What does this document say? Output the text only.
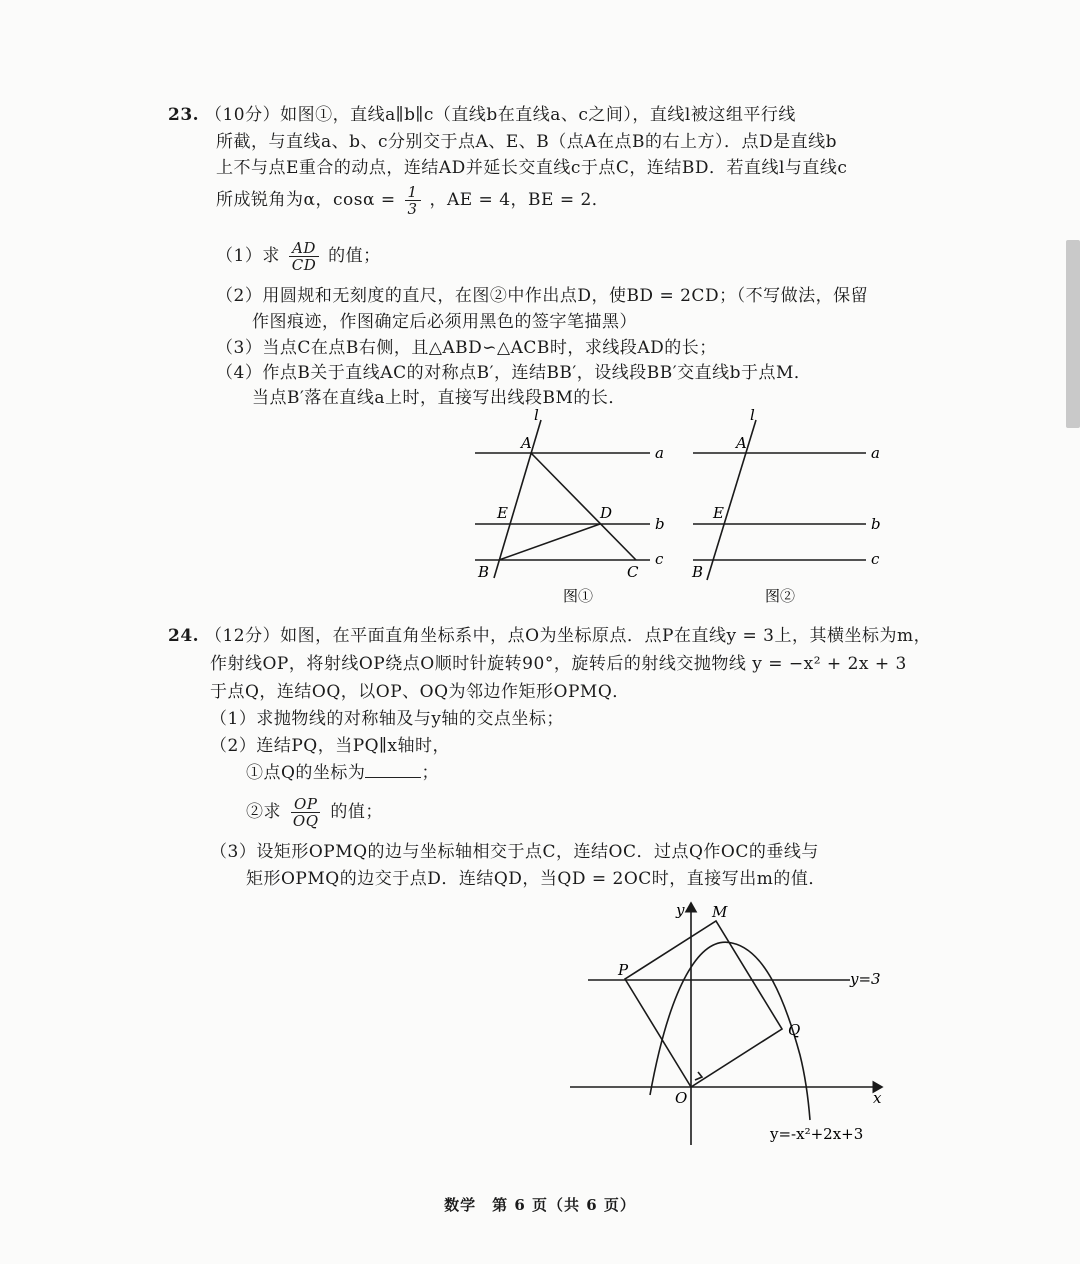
23. （10分）如图①，直线a∥b∥c（直线b在直线a、c之间），直线l被这组平行线
所截，与直线a、b、c分别交于点A、E、B（点A在点B的右上方）．点D是直线b
上不与点E重合的动点，连结AD并延长交直线c于点C，连结BD．若直线l与直线c
所成锐角为α，$\cos\alpha = \frac{1}{3}$ ，AE = 4，BE = 2．
（1）求 $\frac{AD}{CD}$ 的值；
（2）用圆规和无刻度的直尺，在图②中作出点D，使BD = 2CD；（不写做法，保留
作图痕迹，作图确定后必须用黑色的签字笔描黑）
（3）当点C在点B右侧，且△ABD∽△ACB时，求线段AD的长；
（4）作点B关于直线AC的对称点B′，连结BB′，设线段BB′交直线b于点M．
当点B′落在直线a上时，直接写出线段BM的长．
l
A
a
E	D
b
B	C
c
图①
l
A
a
E
b
B
c
图②
24. （12分）如图，在平面直角坐标系中，点O为坐标原点．点P在直线y = 3上，其横坐标为m，
作射线OP，将射线OP绕点O顺时针旋转90°，旋转后的射线交抛物线 y = −x² + 2x + 3
于点Q，连结OQ，以OP、OQ为邻边作矩形OPMQ．
（1）求抛物线的对称轴及与y轴的交点坐标；
（2）连结PQ，当PQ∥x轴时，
①点Q的坐标为	；
②求 $\frac{OP}{OQ}$ 的值；
（3）设矩形OPMQ的边与坐标轴相交于点C，连结OC．过点Q作OC的垂线与
矩形OPMQ的边交于点D．连结QD，当QD = 2OC时，直接写出m的值．
y M
P	y=3
Q
O	x
y=-x²+2x+3
数学　第 6 页（共 6 页）
